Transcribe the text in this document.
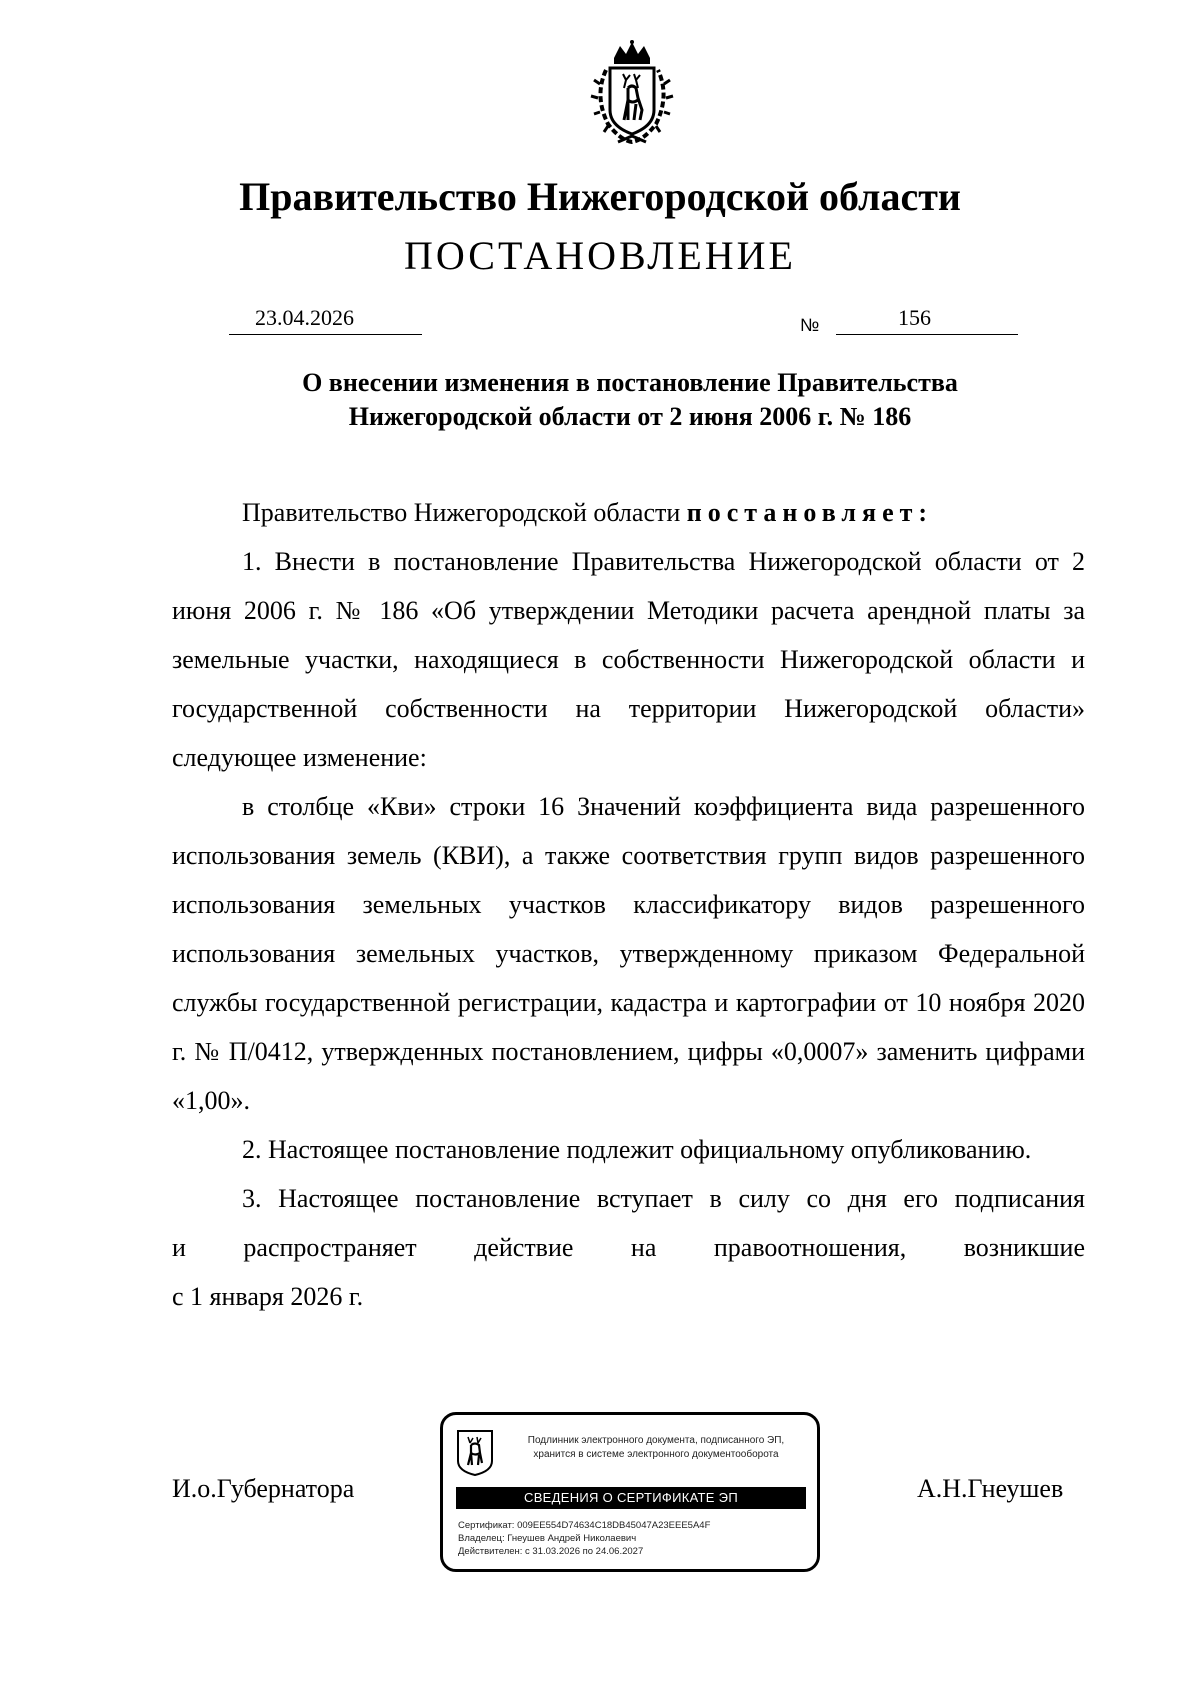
Правительство Нижегородской области
ПОСТАНОВЛЕНИЕ
23.04.2026	№	156
О внесении изменения в постановление Правительства
Нижегородской области от 2 июня 2006 г. № 186

Правительство Нижегородской области постановляет:

1. Внести в постановление Правительства Нижегородской области от 2 июня 2006 г. № 186 «Об утверждении Методики расчета арендной платы за земельные участки, находящиеся в собственности Нижегородской области и государственной собственности на территории Нижегородской области» следующее изменение:

в столбце «Кви» строки 16 Значений коэффициента вида разрешенного использования земель (КВИ), а также соответствия групп видов разрешенного использования земельных участков классификатору видов разрешенного использования земельных участков, утвержденному приказом Федеральной службы государственной регистрации, кадастра и картографии от 10 ноября 2020 г. № П/0412, утвержденных постановлением, цифры «0,0007» заменить цифрами «1,00».

2. Настоящее постановление подлежит официальному опубликованию.

3. Настоящее постановление вступает в силу со дня его подписания

и распространяет действие на правоотношения, возникшие

с 1 января 2026 г.

И.о.Губернатора	А.Н.Гнеушев
Подлинник электронного документа, подписанного ЭП,
хранится в системе электронного документооборота
СВЕДЕНИЯ О СЕРТИФИКАТЕ ЭП
Сертификат: 009EE554D74634C18DB45047A23EEE5A4F
Владелец: Гнеушев Андрей Николаевич
Действителен: с 31.03.2026 по 24.06.2027
